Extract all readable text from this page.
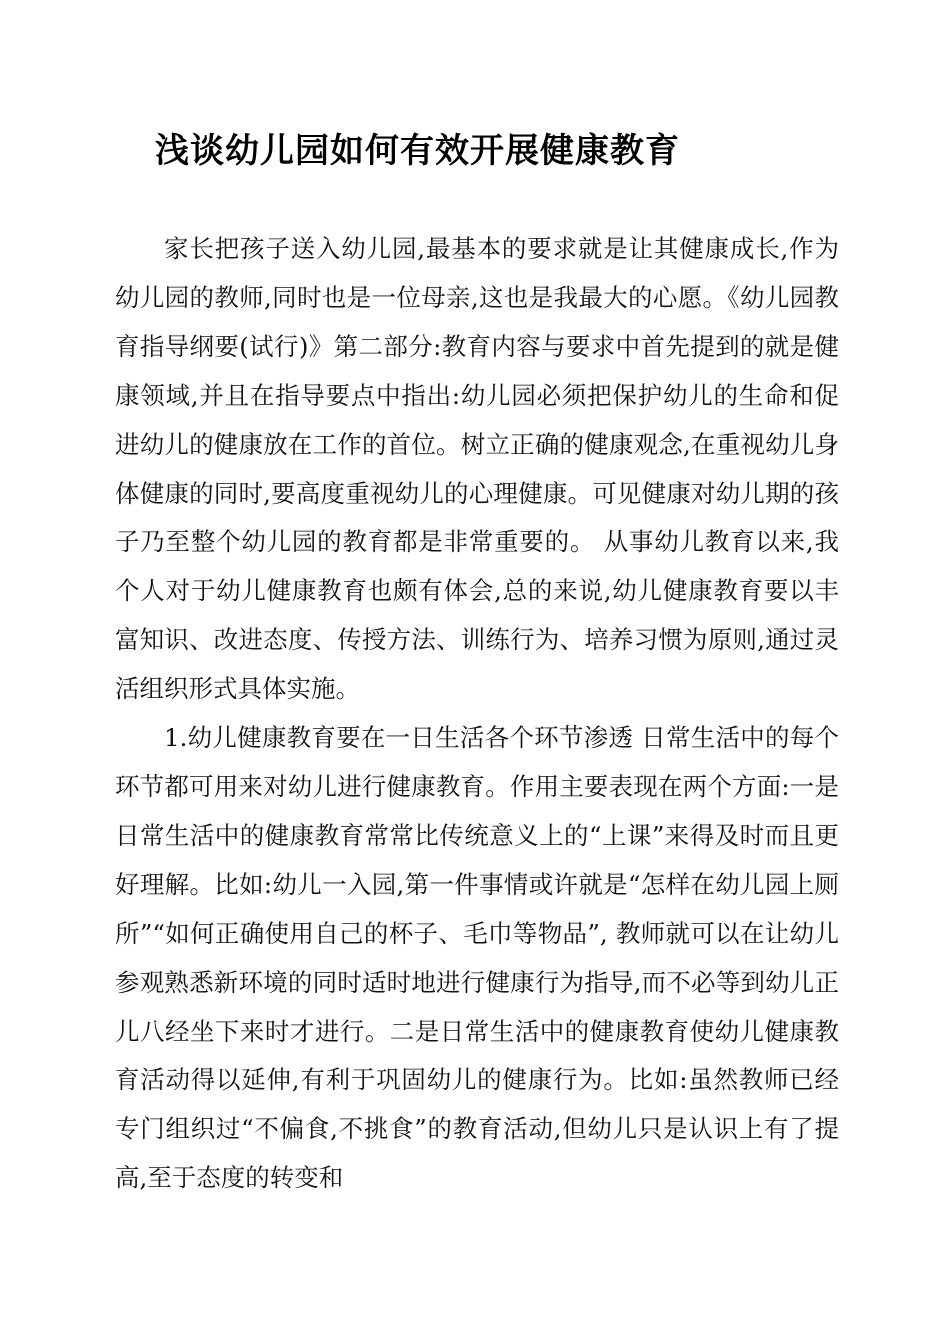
浅谈幼儿园如何有效开展健康教育

家长把孩子送入幼儿园,最基本的要求就是让其健康成长,作为幼儿园的教师,同时也是一位母亲,这也是我最大的心愿。《幼儿园教育指导纲要(试行)》第二部分:教育内容与要求中首先提到的就是健康领域,并且在指导要点中指出:幼儿园必须把保护幼儿的生命和促进幼儿的健康放在工作的首位。树立正确的健康观念,在重视幼儿身体健康的同时,要高度重视幼儿的心理健康。可见健康对幼儿期的孩子乃至整个幼儿园的教育都是非常重要的。 从事幼儿教育以来,我个人对于幼儿健康教育也颇有体会,总的来说,幼儿健康教育要以丰富知识、改进态度、传授方法、训练行为、培养习惯为原则,通过灵活组织形式具体实施。

1.幼儿健康教育要在一日生活各个环节渗透 日常生活中的每个环节都可用来对幼儿进行健康教育。作用主要表现在两个方面:一是日常生活中的健康教育常常比传统意义上的“上课”来得及时而且更好理解。比如:幼儿一入园,第一件事情或许就是“怎样在幼儿园上厕所”“如何正确使用自己的杯子、毛巾等物品”, 教师就可以在让幼儿参观熟悉新环境的同时适时地进行健康行为指导,而不必等到幼儿正儿八经坐下来时才进行。二是日常生活中的健康教育使幼儿健康教育活动得以延伸,有利于巩固幼儿的健康行为。比如:虽然教师已经专门组织过“不偏食,不挑食”的教育活动,但幼儿只是认识上有了提高,至于态度的转变和
